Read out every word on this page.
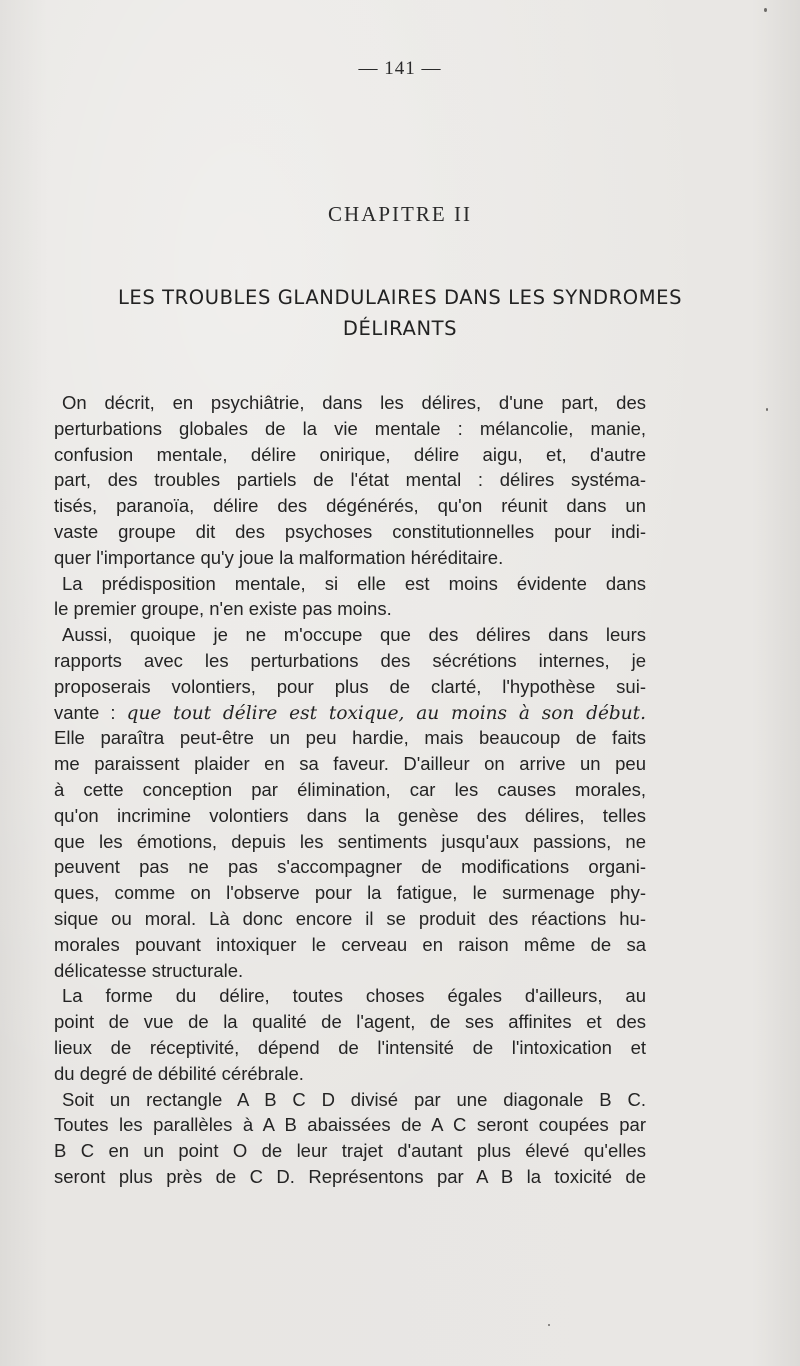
— 141 —
CHAPITRE II
LES TROUBLES GLANDULAIRES DANS LES SYNDROMES
DÉLIRANTS
On décrit, en psychiâtrie, dans les délires, d'une part, des
perturbations globales de la vie mentale : mélancolie, manie,
confusion mentale, délire onirique, délire aigu, et, d'autre
part, des troubles partiels de l'état mental : délires systéma-
tisés, paranoïa, délire des dégénérés, qu'on réunit dans un
vaste groupe dit des psychoses constitutionnelles pour indi-
quer l'importance qu'y joue la malformation héréditaire.
La prédisposition mentale, si elle est moins évidente dans
le premier groupe, n'en existe pas moins.
Aussi, quoique je ne m'occupe que des délires dans leurs
rapports avec les perturbations des sécrétions internes, je
proposerais volontiers, pour plus de clarté, l'hypothèse sui-
vante : que tout délire est toxique, au moins à son début.
Elle paraîtra peut-être un peu hardie, mais beaucoup de faits
me paraissent plaider en sa faveur. D'ailleur on arrive un peu
à cette conception par élimination, car les causes morales,
qu'on incrimine volontiers dans la genèse des délires, telles
que les émotions, depuis les sentiments jusqu'aux passions, ne
peuvent pas ne pas s'accompagner de modifications organi-
ques, comme on l'observe pour la fatigue, le surmenage phy-
sique ou moral. Là donc encore il se produit des réactions hu-
morales pouvant intoxiquer le cerveau en raison même de sa
délicatesse structurale.
La forme du délire, toutes choses égales d'ailleurs, au
point de vue de la qualité de l'agent, de ses affinites et des
lieux de réceptivité, dépend de l'intensité de l'intoxication et
du degré de débilité cérébrale.
Soit un rectangle A B C D divisé par une diagonale B C.
Toutes les parallèles à A B abaissées de A C seront coupées par
B C en un point O de leur trajet d'autant plus élevé qu'elles
seront plus près de C D. Représentons par A B la toxicité de
